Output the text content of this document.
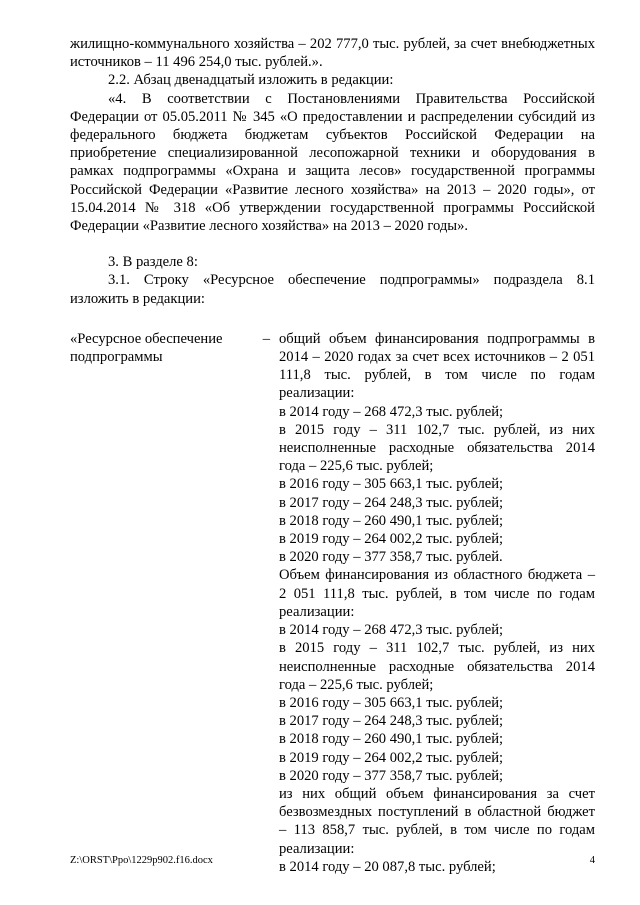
жилищно-коммунального хозяйства – 202 777,0 тыс. рублей, за счет внебюджетных источников – 11 496 254,0 тыс. рублей.».

2.2. Абзац двенадцатый изложить в редакции:

«4. В соответствии с Постановлениями Правительства Российской Федерации от 05.05.2011 № 345 «О предоставлении и распределении субсидий из федерального бюджета бюджетам субъектов Российской Федерации на приобретение специализированной лесопожарной техники и оборудования в рамках подпрограммы «Охрана и защита лесов» государственной программы Российской Федерации «Развитие лесного хозяйства» на 2013 – 2020 годы», от 15.04.2014 № 318 «Об утверждении государственной программы Российской Федерации «Развитие лесного хозяйства» на 2013 – 2020 годы».

3. В разделе 8:

3.1. Строку «Ресурсное обеспечение подпрограммы» подраздела 8.1 изложить в редакции:

«Ресурсное обеспечение подпрограммы
– общий объем финансирования подпрограммы в 2014 – 2020 годах за счет всех источников – 2 051 111,8 тыс. рублей, в том числе по годам реализации:

в 2014 году – 268 472,3 тыс. рублей;

в 2015 году – 311 102,7 тыс. рублей, из них неисполненные расходные обязательства 2014 года – 225,6 тыс. рублей;

в 2016 году – 305 663,1 тыс. рублей;

в 2017 году – 264 248,3 тыс. рублей;

в 2018 году – 260 490,1 тыс. рублей;

в 2019 году – 264 002,2 тыс. рублей;

в 2020 году – 377 358,7 тыс. рублей.

Объем финансирования из областного бюджета – 2 051 111,8 тыс. рублей, в том числе по годам реализации:

в 2014 году – 268 472,3 тыс. рублей;

в 2015 году – 311 102,7 тыс. рублей, из них неисполненные расходные обязательства 2014 года – 225,6 тыс. рублей;

в 2016 году – 305 663,1 тыс. рублей;

в 2017 году – 264 248,3 тыс. рублей;

в 2018 году – 260 490,1 тыс. рублей;

в 2019 году – 264 002,2 тыс. рублей;

в 2020 году – 377 358,7 тыс. рублей;

из них общий объем финансирования за счет безвозмездных поступлений в областной бюджет – 113 858,7 тыс. рублей, в том числе по годам реализации:

в 2014 году – 20 087,8 тыс. рублей;

Z:\ORST\Ppo\1229p902.f16.docx	4
